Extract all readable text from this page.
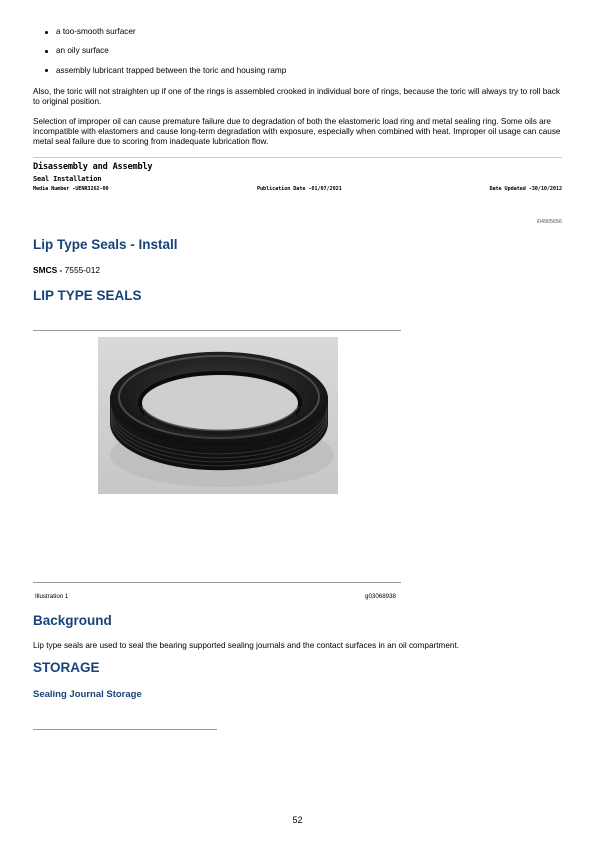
a too-smooth surfacer
an oily surface
assembly lubricant trapped between the toric and housing ramp

Also, the toric will not straighten up if one of the rings is assembled crooked in individual bore of rings, because the toric will always try to roll back to original position.

Selection of improper oil can cause premature failure due to degradation of both the elastomeric load ring and metal sealing ring. Some oils are incompatible with elastomers and cause long-term degradation with exposure, especially when combined with heat. Improper oil usage can cause metal seal failure due to scoring from inadequate lubrication flow.

Disassembly and Assembly
Seal Installation
Media Number -UENR3262-00	Publication Date -01/07/2021	Date Updated -30/10/2012
i04905656
Lip Type Seals - Install
SMCS - 7555-012
LIP TYPE SEALS
Illustration 1	g03068938
Background

Lip type seals are used to seal the bearing supported sealing journals and the contact surfaces in an oil compartment.

STORAGE
Sealing Journal Storage
52
